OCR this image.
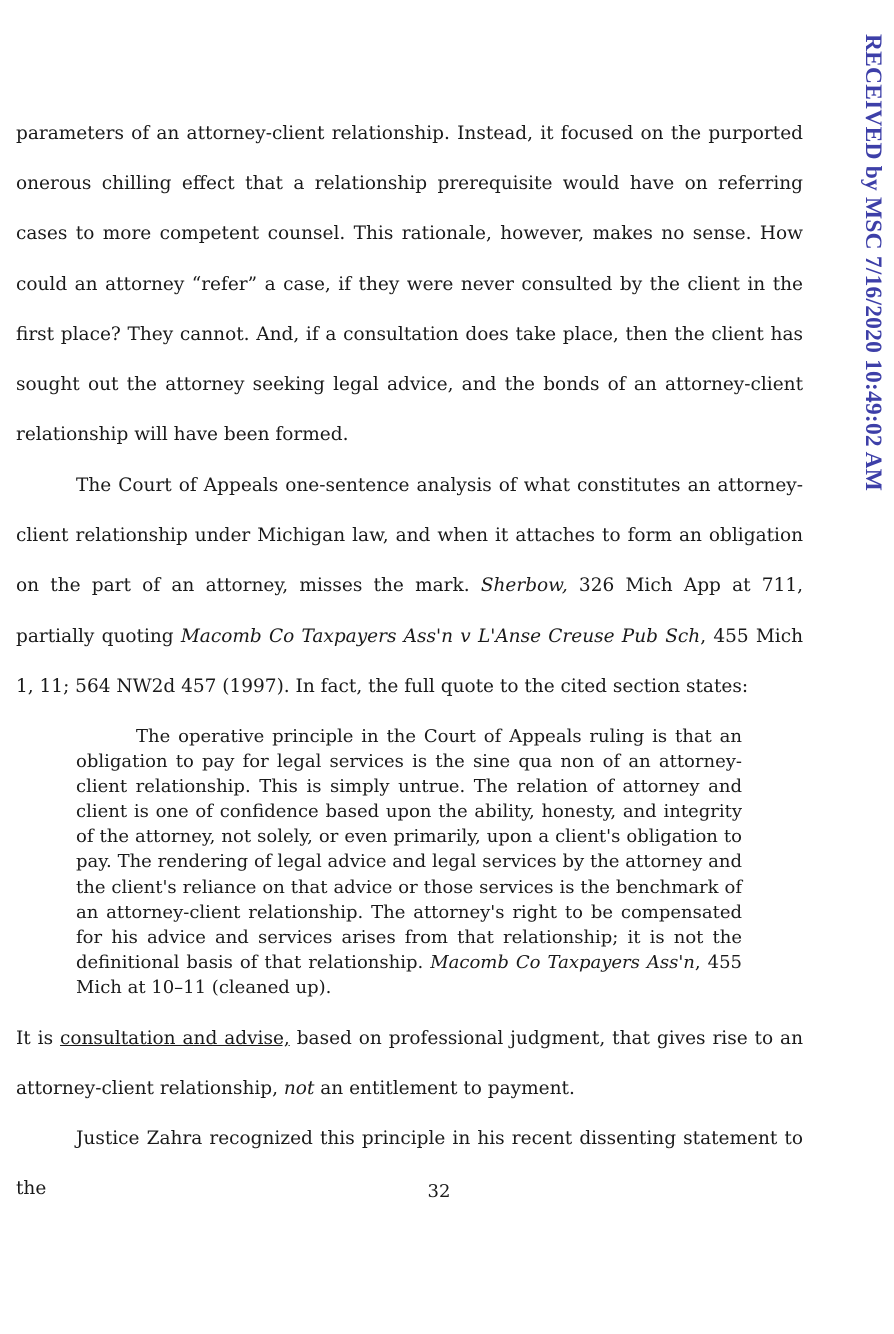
RECEIVED by MSC 7/16/2020 10:49:02 AM

parameters of an attorney-client relationship. Instead, it focused on the purported onerous chilling effect that a relationship prerequisite would have on referring cases to more competent counsel. This rationale, however, makes no sense. How could an attorney “refer” a case, if they were never consulted by the client in the first place? They cannot. And, if a consultation does take place, then the client has sought out the attorney seeking legal advice, and the bonds of an attorney-client relationship will have been formed.

The Court of Appeals one-sentence analysis of what constitutes an attorney-client relationship under Michigan law, and when it attaches to form an obligation on the part of an attorney, misses the mark. Sherbow, 326 Mich App at 711, partially quoting Macomb Co Taxpayers Ass'n v L'Anse Creuse Pub Sch, 455 Mich 1, 11; 564 NW2d 457 (1997). In fact, the full quote to the cited section states:

The operative principle in the Court of Appeals ruling is that an obligation to pay for legal services is the sine qua non of an attorney-client relationship. This is simply untrue. The relation of attorney and client is one of confidence based upon the ability, honesty, and integrity of the attorney, not solely, or even primarily, upon a client's obligation to pay. The rendering of legal advice and legal services by the attorney and the client's reliance on that advice or those services is the benchmark of an attorney-client relationship. The attorney's right to be compensated for his advice and services arises from that relationship; it is not the definitional basis of that relationship. Macomb Co Taxpayers Ass'n, 455 Mich at 10–11 (cleaned up).

It is consultation and advise, based on professional judgment, that gives rise to an attorney-client relationship, not an entitlement to payment.

Justice Zahra recognized this principle in his recent dissenting statement to the	32
